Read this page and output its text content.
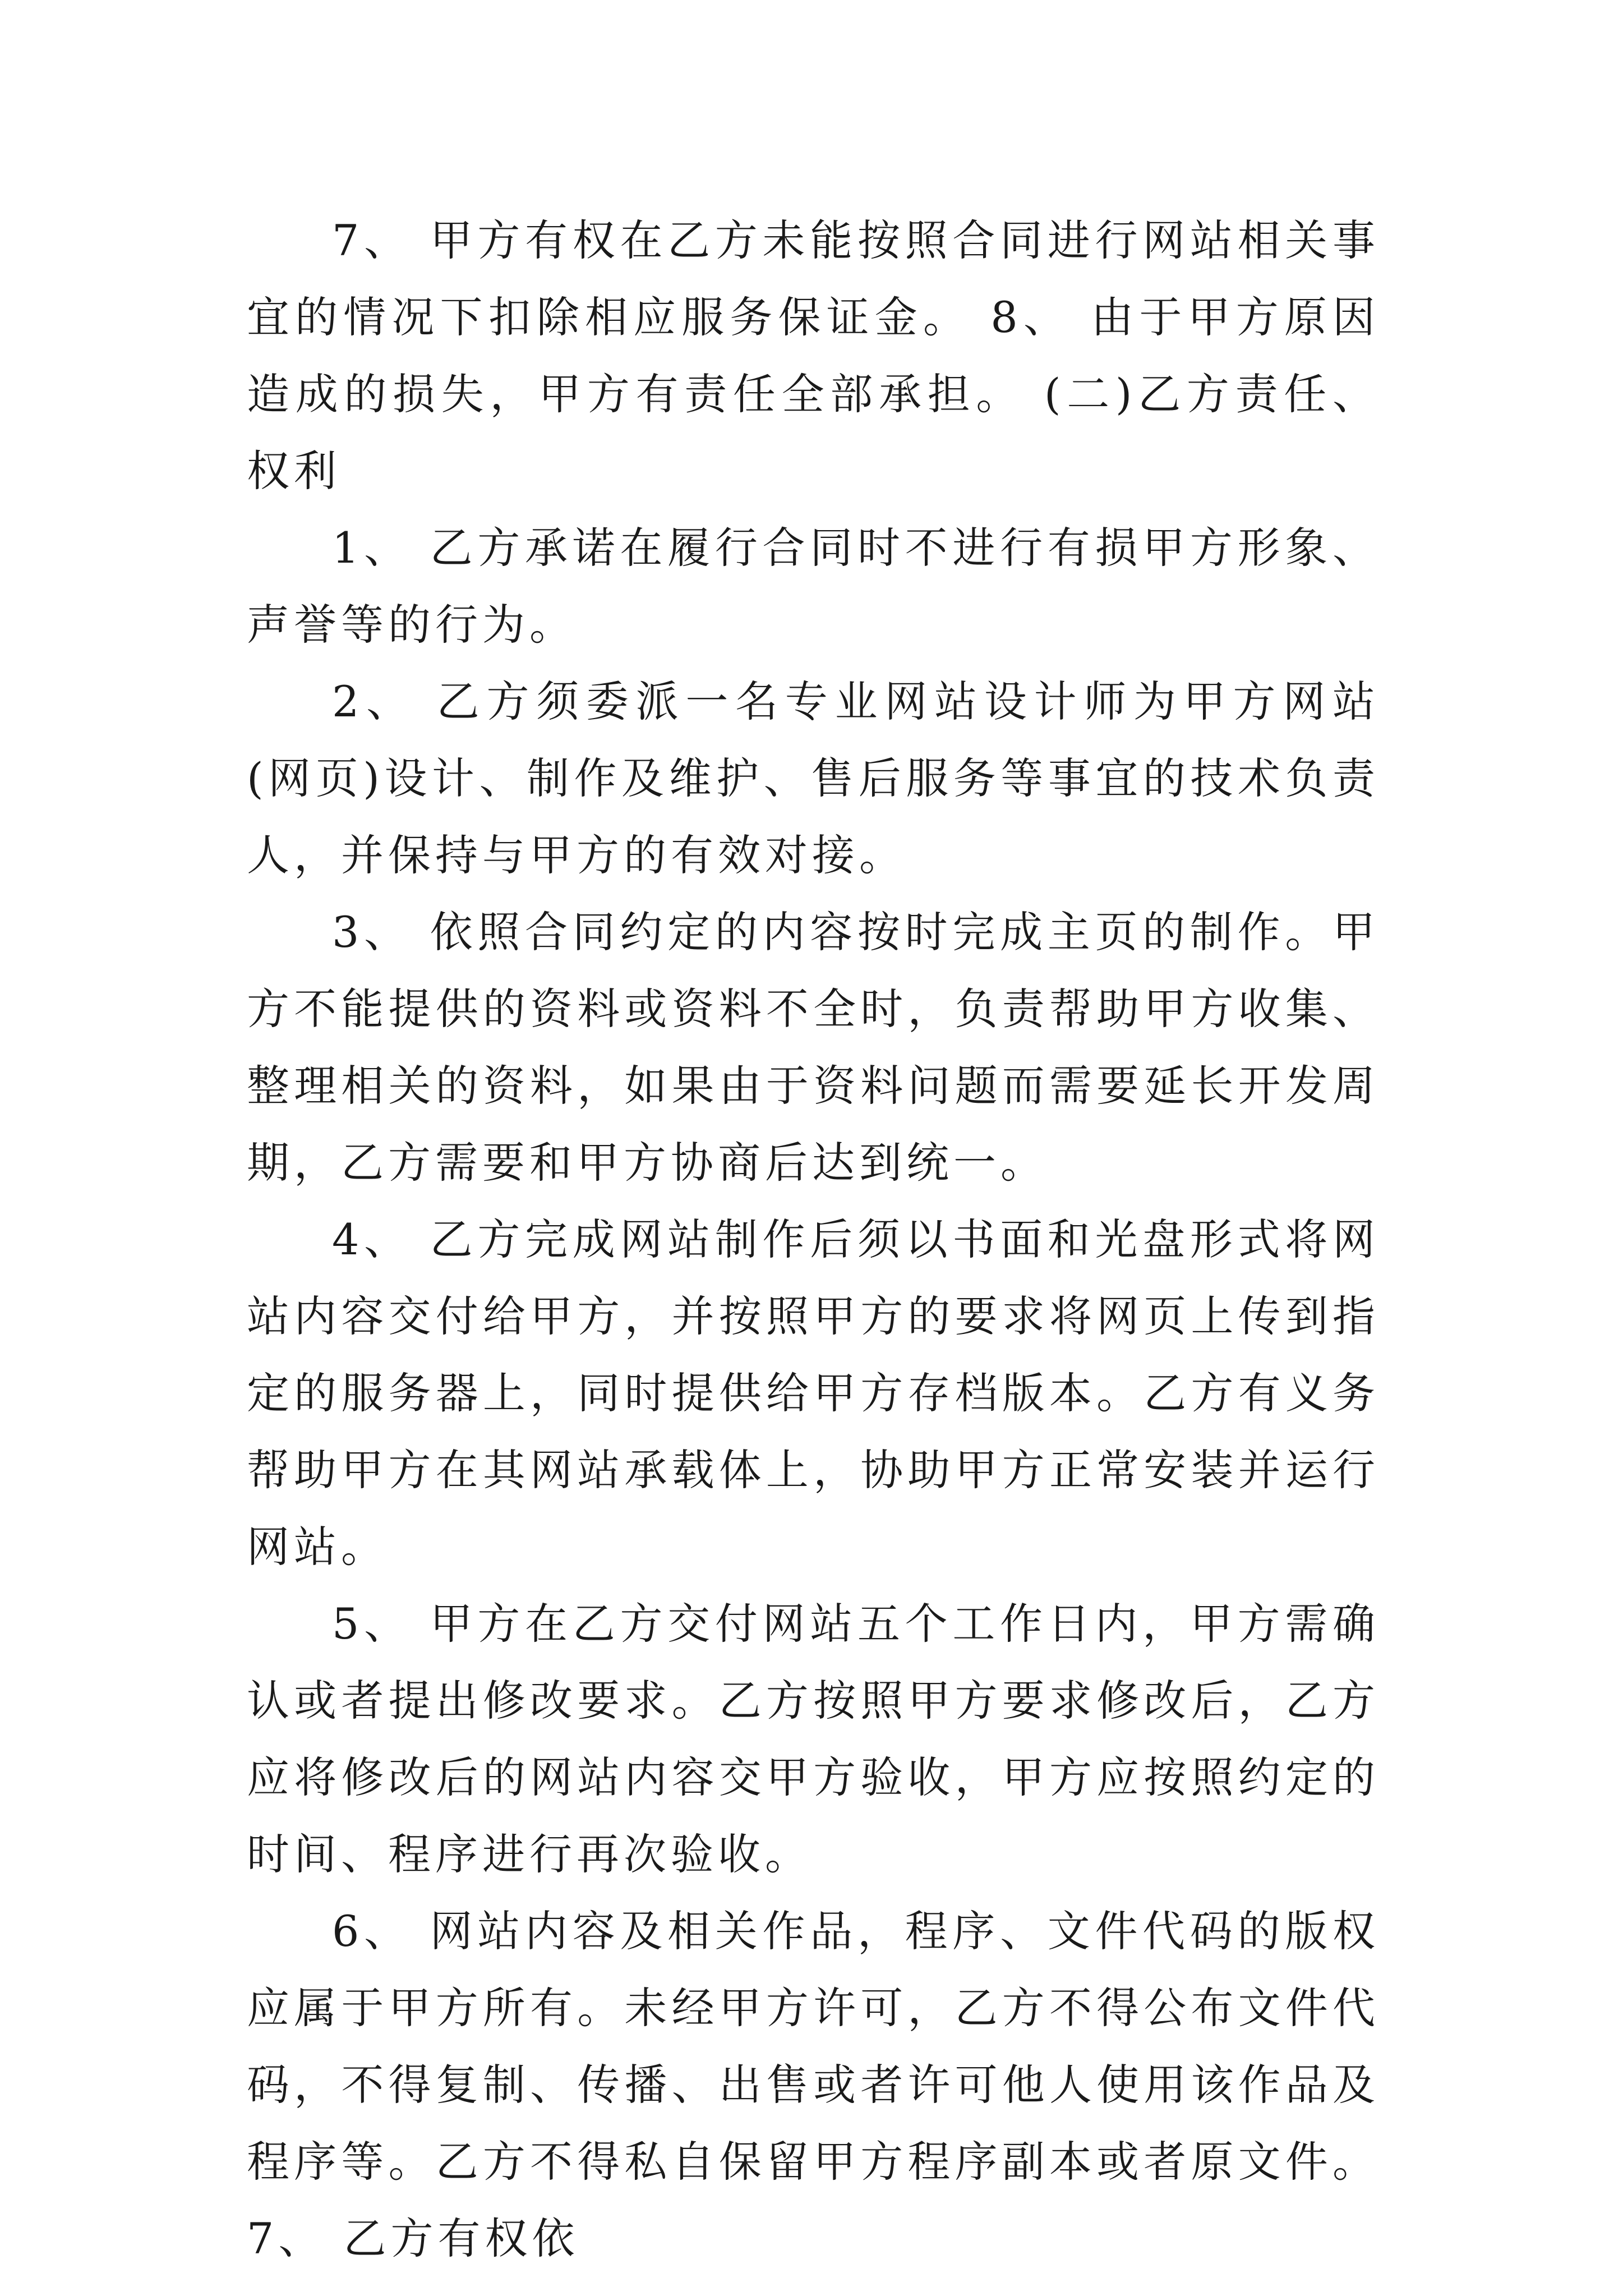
7、 甲方有权在乙方未能按照合同进行网站相关事宜的情况下扣除相应服务保证金。 8、 由于甲方原因造成的损失，甲方有责任全部承担。 (二)乙方责任、权利

1、 乙方承诺在履行合同时不进行有损甲方形象、声誉等的行为。

2、 乙方须委派一名专业网站设计师为甲方网站(网页)设计、制作及维护、售后服务等事宜的技术负责人，并保持与甲方的有效对接。

3、 依照合同约定的内容按时完成主页的制作。甲方不能提供的资料或资料不全时，负责帮助甲方收集、整理相关的资料，如果由于资料问题而需要延长开发周期，乙方需要和甲方协商后达到统一。

4、 乙方完成网站制作后须以书面和光盘形式将网站内容交付给甲方，并按照甲方的要求将网页上传到指定的服务器上，同时提供给甲方存档版本。乙方有义务帮助甲方在其网站承载体上，协助甲方正常安装并运行网站。

5、 甲方在乙方交付网站五个工作日内，甲方需确认或者提出修改要求。乙方按照甲方要求修改后，乙方应将修改后的网站内容交甲方验收，甲方应按照约定的时间、程序进行再次验收。

6、 网站内容及相关作品，程序、文件代码的版权应属于甲方所有。未经甲方许可，乙方不得公布文件代码，不得复制、传播、出售或者许可他人使用该作品及程序等。乙方不得私自保留甲方程序副本或者原文件。 7、 乙方有权依
